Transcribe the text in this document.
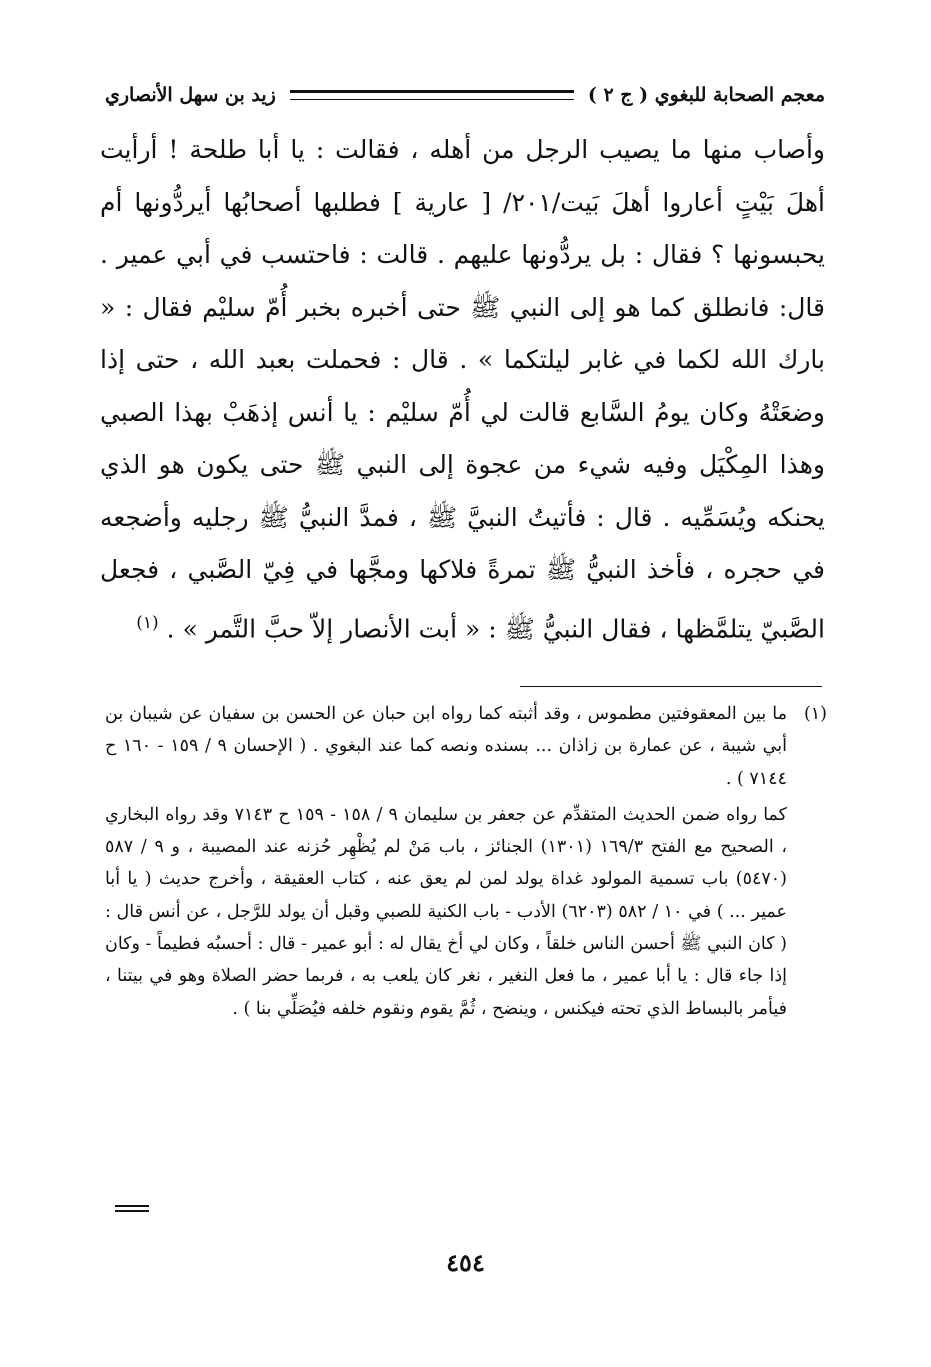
معجم الصحابة للبغوي ( ج ٢ )
زيد بن سهل الأنصاري

وأصاب منها ما يصيب الرجل من أهله ، فقالت : يا أبا طلحة ! أرأيت أهلَ بَيْتٍ أعاروا أهلَ بَيت/٢٠١/ [ عارية ] فطلبها أصحابُها أيردُّونها أم يحبسونها ؟ فقال : بل يردُّونها عليهم . قالت : فاحتسب في أبي عمير . قال: فانطلق كما هو إلى النبي ﷺ حتى أخبره بخبر أُمّ سليْم فقال : « بارك الله لكما في غابر ليلتكما » . قال : فحملت بعبد الله ، حتى إذا وضعَتْهُ وكان يومُ السَّابع قالت لي أُمّ سليْم : يا أنس إذهَبْ بهذا الصبي وهذا المِكْيَل وفيه شيء من عجوة إلى النبي ﷺ حتى يكون هو الذي يحنكه ويُسَمِّيه . قال : فأتيتُ النبيَّ ﷺ ، فمدَّ النبيُّ ﷺ رجليه وأضجعه في حجره ، فأخذ النبيُّ ﷺ تمرةً فلاكها ومجَّها في فِيّ الصَّبي ، فجعل الصَّبيّ يتلمَّظها ، فقال النبيُّ ﷺ : « أبت الأنصار إلاّ حبَّ التَّمر » . $^{(١)}$

(١)

ما بين المعقوفتين مطموس ، وقد أثبته كما رواه ابن حبان عن الحسن بن سفيان عن شيبان بن أبي شيبة ، عن عمارة بن زاذان ... بسنده ونصه كما عند البغوي . ( الإحسان ٩ / ١٥٩ - ١٦٠ ح ٧١٤٤ ) .

كما رواه ضمن الحديث المتقدِّم عن جعفر بن سليمان ٩ / ١٥٨ - ١٥٩ ح ٧١٤٣ وقد رواه البخاري ، الصحيح مع الفتح ١٦٩/٣ (١٣٠١) الجنائز ، باب مَنْ لم يُظْهِر حُزنه عند المصيبة ، و ٩ / ٥٨٧ (٥٤٧٠) باب تسمية المولود غداة يولد لمن لم يعق عنه ، كتاب العقيقة ، وأخرج حديث ( يا أبا عمير ... ) في ١٠ / ٥٨٢ (٦٢٠٣) الأدب - باب الكنية للصبي وقبل أن يولد للرَّجل ، عن أنس قال : ( كان النبي ﷺ أحسن الناس خلقاً ، وكان لي أخ يقال له : أبو عمير - قال : أحسبُه فطيماً - وكان إذا جاء قال : يا أبا عمير ، ما فعل النغير ، نغر كان يلعب به ، فربما حضر الصلاة وهو في بيتنا ، فيأمر بالبساط الذي تحته فيكنس ، وينضح ، ثُمَّ يقوم ونقوم خلفه فيُصَلِّي بنا ) .

٤٥٤
